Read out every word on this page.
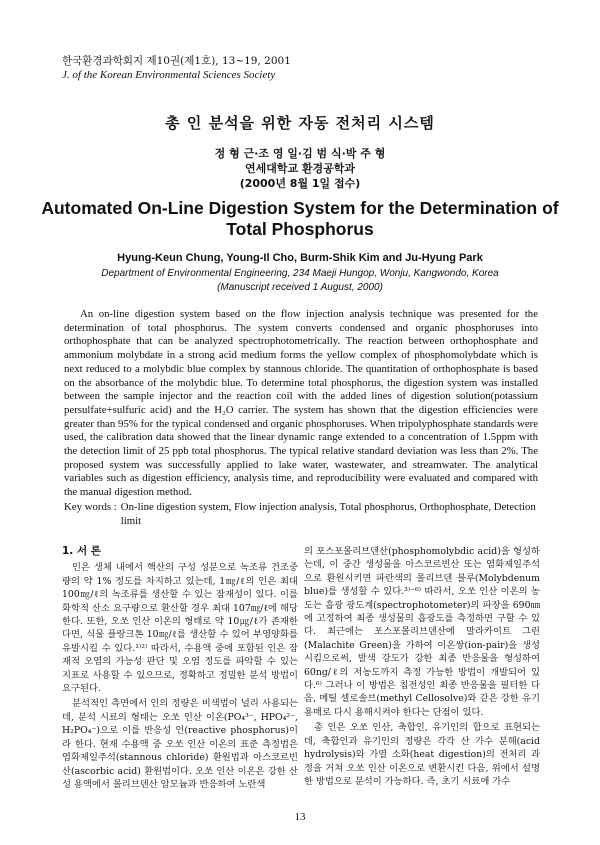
한국환경과학회지 제10권(제1호), 13~19, 2001
J. of the Korean Environmental Sciences Society
총 인 분석을 위한 자동 전처리 시스템
정 형 근·조 영 일·김 범 식·박 주 형
연세대학교 환경공학과
(2000년 8월 1일 접수)
Automated On-Line Digestion System for the Determination of Total Phosphorus
Hyung-Keun Chung, Young-Il Cho, Burm-Shik Kim and Ju-Hyung Park
Department of Environmental Engineering, 234 Maeji Hungop, Wonju, Kangwondo, Korea
(Manuscript received 1 August, 2000)

An on-line digestion system based on the flow injection analysis technique was presented for the determination of total phosphorus. The system converts condensed and organic phosphoruses into orthophosphate that can be analyzed spectrophotometrically. The reaction between orthophosphate and ammonium molybdate in a strong acid medium forms the yellow complex of phosphomolybdate which is next reduced to a molybdic blue complex by stannous chloride. The quantitation of orthophosphate is based on the absorbance of the molybdic blue. To determine total phosphorus, the digestion system was installed between the sample injector and the reaction coil with the added lines of digestion solution(potassium persulfate+sulfuric acid) and the H₂O carrier. The system has shown that the digestion efficiencies were greater than 95% for the typical condensed and organic phosphoruses. When tripolyphosphate standards were used, the calibration data showed that the linear dynamic range extended to a concentration of 1.5ppm with the detection limit of 25 ppb total phosphorus. The typical relative standard deviation was less than 2%. The proposed system was successfully applied to lake water, wastewater, and streamwater. The analytical variables such as digestion efficiency, analysis time, and reproducibility were evaluated and compared with the manual digestion method.

Key words : On-line digestion system, Flow injection analysis, Total phosphorus, Orthophosphate, Detection limit
1. 서 론

인은 생체 내에서 핵산의 구성 성분으로 녹조류 건조중량의 약 1% 정도를 차지하고 있는데, 1㎎/ℓ의 인은 최대 100㎎/ℓ의 녹조류를 생산할 수 있는 잠재성이 있다. 이를 화학적 산소 요구량으로 환산할 경우 최대 107㎎/ℓ에 해당한다. 또한, 오쏘 인산 이온의 형태로 약 10㎍/ℓ가 존재한다면, 식물 플랑크톤 10㎎/ℓ를 생산할 수 있어 부영양화를 유발시킬 수 있다.¹⁾²⁾ 따라서, 수용액 중에 포함된 인은 잠재적 오염의 가능성 판단 및 오염 정도를 파악할 수 있는 지표로 사용할 수 있으므로, 정확하고 정밀한 분석 방법이 요구된다.

분석적인 측면에서 인의 정량은 비색법이 널리 사용되는데, 분석 시료의 형태는 오쏘 인산 이온(PO₄³⁻, HPO₄²⁻, H₂PO₄⁻)으로 이를 반응성 인(reactive phosphorus)이라 한다. 현재 수용액 중 오쏘 인산 이온의 표준 측정법은 염화제일주석(stannous chloride) 환원법과 아스코르빈산(ascorbic acid) 환원법이다. 오쏘 인산 이온은 강한 산성 용액에서 몰리브덴산 암모늄과 반응하여 노란색

의 포스포몰리브덴산(phosphomolybdic acid)을 형성하는데, 이 중간 생성물을 아스코르빈산 또는 염화제일주석으로 환원시키면 파란색의 몰리브덴 블루(Molybdenum blue)를 생성할 수 있다.³⁾⁻⁶⁾ 따라서, 오쏘 인산 이온의 농도는 흡광 광도계(spectrophotometer)의 파장을 690㎚에 고정하여 최종 생성물의 흡광도를 측정하면 구할 수 있다. 최근에는 포스포몰리브덴산에 말라카이트 그린(Malachite Green)을 가하여 이온쌍(ion-pair)을 생성시킴으로써, 발색 강도가 강한 최종 반응물을 형성하여 60ng/ℓ의 저농도까지 측정 가능한 방법이 개발되어 있다.⁶⁾ 그러나 이 방법은 침전성인 최종 반응물을 필터한 다음, 메틸 셀로솔브(methyl Cellosolve)와 같은 강한 유기 용매로 다시 용해시켜야 한다는 단점이 있다.

총 인은 오쏘 인산, 축합인, 유기인의 합으로 표현되는데, 축합인과 유기인의 정량은 각각 산 가수 분해(acid hydrolysis)와 가열 소화(heat digestion)의 전처리 과정을 거쳐 오쏘 인산 이온으로 변환시킨 다음, 위에서 설명한 방법으로 분석이 가능하다. 즉, 초기 시료에 가수

13
